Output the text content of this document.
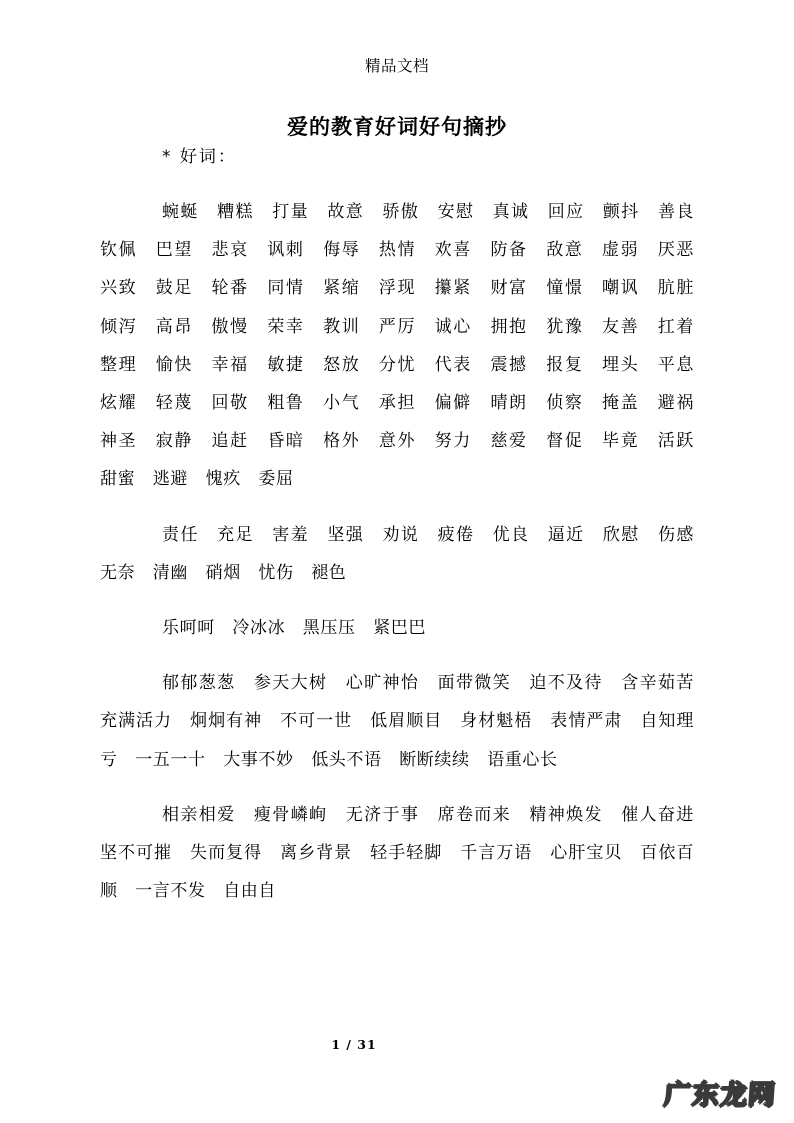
精品文档
爱的教育好词好句摘抄
* 好词：

蜿蜒　糟糕　打量　故意　骄傲　安慰　真诚　回应　颤抖　善良　钦佩　巴望　悲哀　讽刺　侮辱　热情　欢喜　防备　敌意　虚弱　厌恶　兴致　鼓足　轮番　同情　紧缩　浮现　攥紧　财富　憧憬　嘲讽　肮脏　倾泻　高昂　傲慢　荣幸　教训　严厉　诚心　拥抱　犹豫　友善　扛着　整理　愉快　幸福　敏捷　怒放　分忧　代表　震撼　报复　埋头　平息　炫耀　轻蔑　回敬　粗鲁　小气　承担　偏僻　晴朗　侦察　掩盖　避祸　神圣　寂静　追赶　昏暗　格外　意外　努力　慈爱　督促　毕竟　活跃　甜蜜　逃避　愧疚　委屈

责任　充足　害羞　坚强　劝说　疲倦　优良　逼近　欣慰　伤感　无奈　清幽　硝烟　忧伤　褪色

乐呵呵　冷冰冰　黑压压　紧巴巴

郁郁葱葱　参天大树　心旷神怡　面带微笑　迫不及待　含辛茹苦　充满活力　炯炯有神　不可一世　低眉顺目　身材魁梧　表情严肃　自知理亏　一五一十　大事不妙　低头不语　断断续续　语重心长

相亲相爱　瘦骨嶙峋　无济于事　席卷而来　精神焕发　催人奋进　坚不可摧　失而复得　离乡背景　轻手轻脚　千言万语　心肝宝贝　百依百顺　一言不发　自由自

1 / 31
广东龙网
